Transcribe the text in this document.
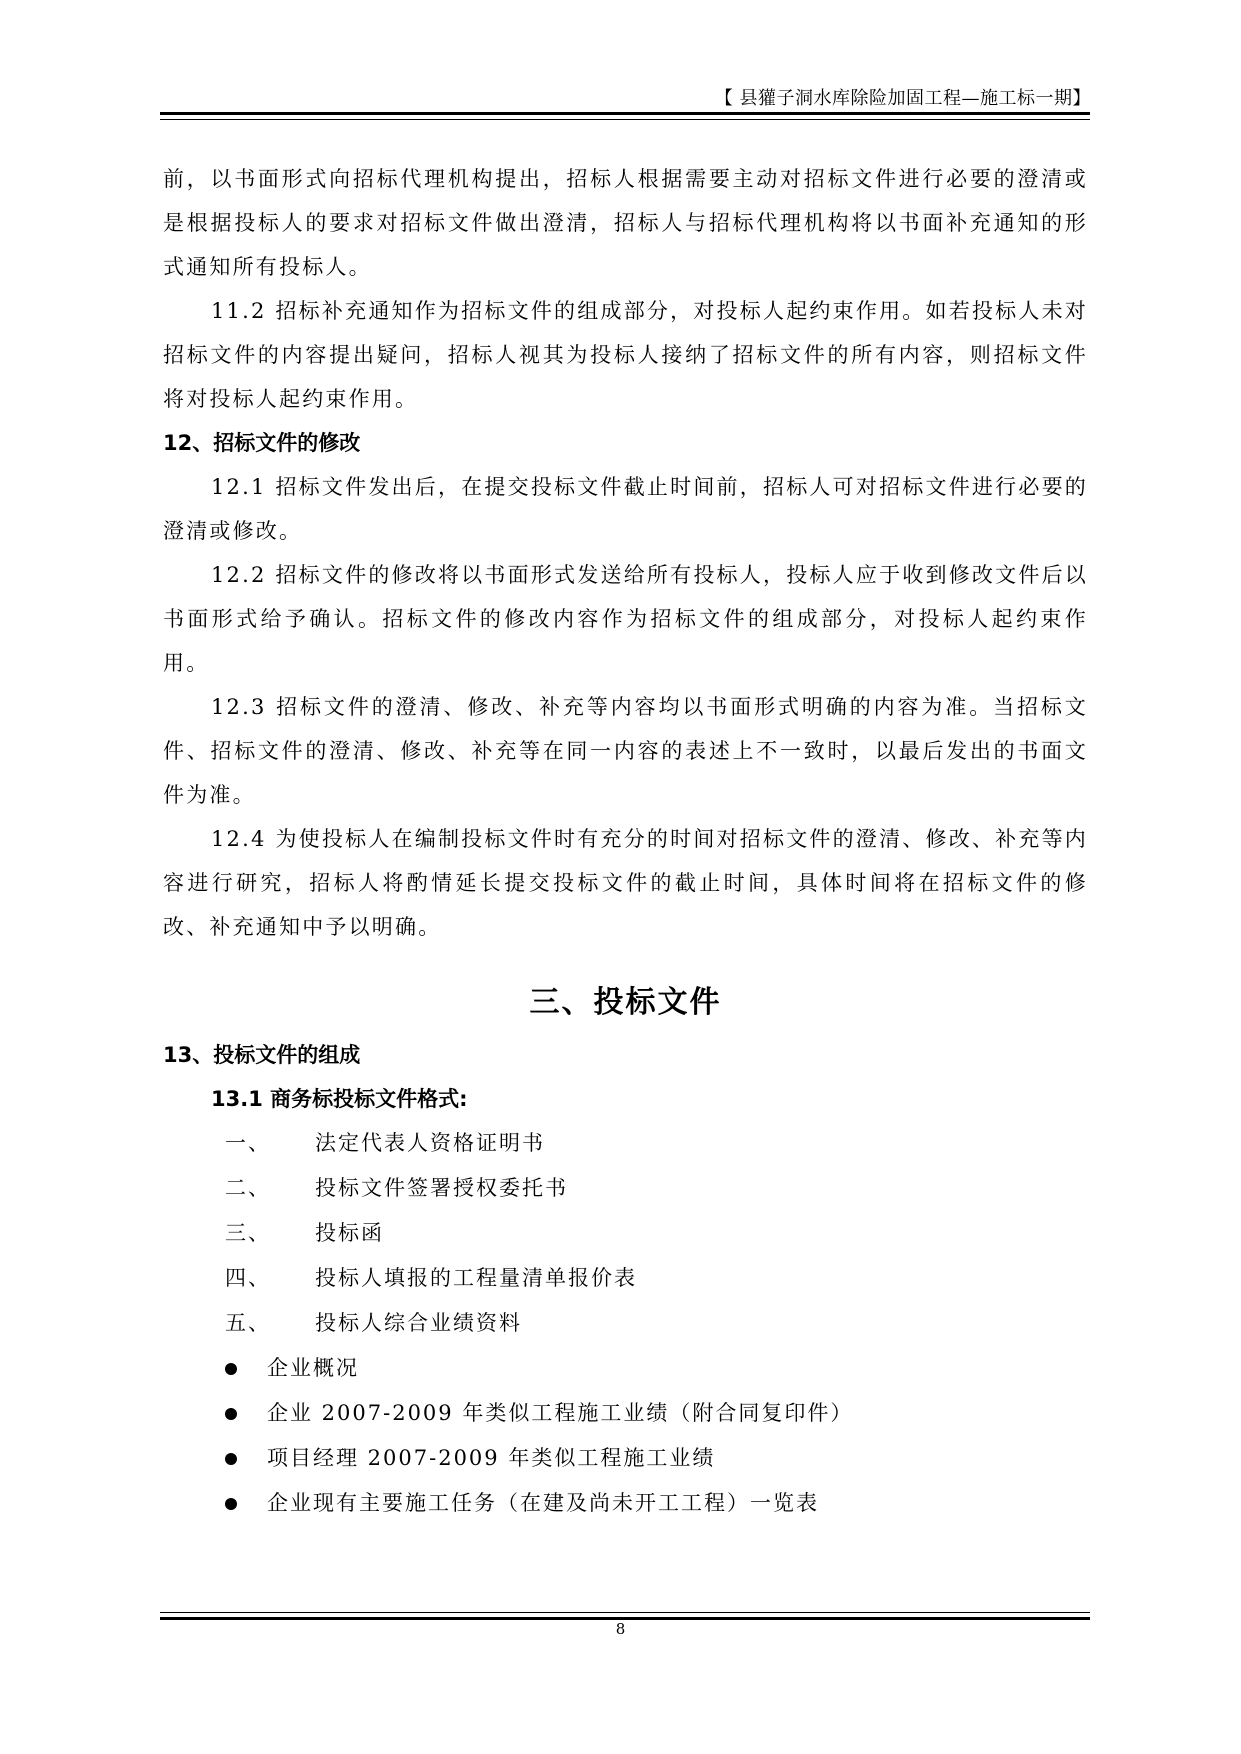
【 县獾子洞水库除险加固工程—施工标一期】

前，以书面形式向招标代理机构提出，招标人根据需要主动对招标文件进行必要的澄清或是根据投标人的要求对招标文件做出澄清，招标人与招标代理机构将以书面补充通知的形式通知所有投标人。

11.2 招标补充通知作为招标文件的组成部分，对投标人起约束作用。如若投标人未对招标文件的内容提出疑问，招标人视其为投标人接纳了招标文件的所有内容，则招标文件将对投标人起约束作用。

12、招标文件的修改

12.1 招标文件发出后，在提交投标文件截止时间前，招标人可对招标文件进行必要的澄清或修改。

12.2 招标文件的修改将以书面形式发送给所有投标人，投标人应于收到修改文件后以书面形式给予确认。招标文件的修改内容作为招标文件的组成部分，对投标人起约束作用。

12.3 招标文件的澄清、修改、补充等内容均以书面形式明确的内容为准。当招标文件、招标文件的澄清、修改、补充等在同一内容的表述上不一致时，以最后发出的书面文件为准。

12.4 为使投标人在编制投标文件时有充分的时间对招标文件的澄清、修改、补充等内容进行研究，招标人将酌情延长提交投标文件的截止时间，具体时间将在招标文件的修改、补充通知中予以明确。

三、投标文件
13、投标文件的组成
13.1 商务标投标文件格式:
一、	法定代表人资格证明书
二、	投标文件签署授权委托书
三、	投标函
四、	投标人填报的工程量清单报价表
五、	投标人综合业绩资料
企业概况
企业 2007-2009 年类似工程施工业绩（附合同复印件）
项目经理 2007-2009 年类似工程施工业绩
企业现有主要施工任务（在建及尚未开工工程）一览表
8
